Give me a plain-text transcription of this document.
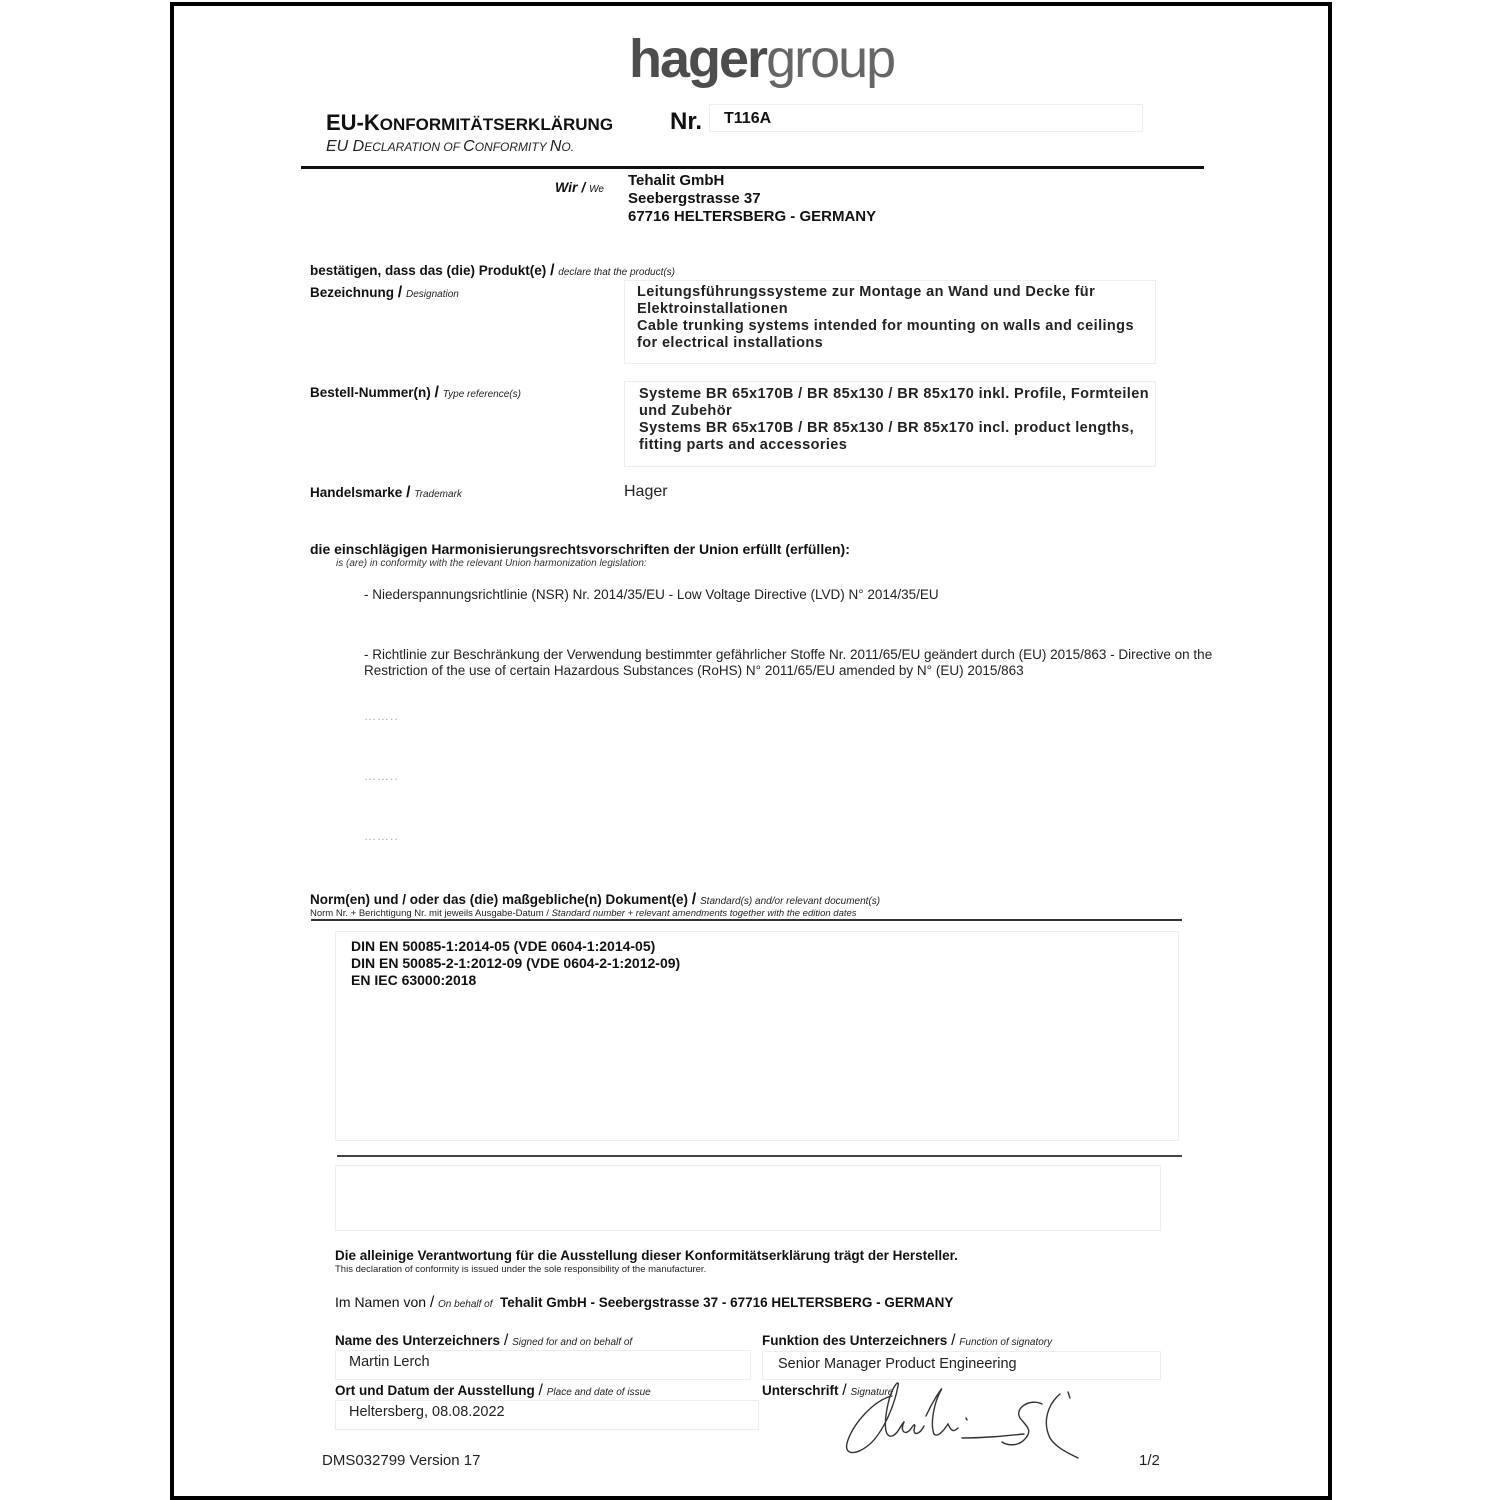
hagergroup
EU-KONFORMITÄTSERKLÄRUNG Nr. T116A
EU DECLARATION OF CONFORMITY NO.
Wir / We
Tehalit GmbH
Seebergstrasse 37
67716 HELTERSBERG - GERMANY
bestätigen, dass das (die) Produkt(e) / declare that the product(s)
Bezeichnung / Designation	Leitungsführungssysteme zur Montage an Wand und Decke für
Elektroinstallationen
Cable trunking systems intended for mounting on walls and ceilings
for electrical installations
Bestell-Nummer(n) / Type reference(s)	Systeme BR 65x170B / BR 85x130 / BR 85x170 inkl. Profile, Formteilen
und Zubehör
Systems BR 65x170B / BR 85x130 / BR 85x170 incl. product lengths,
fitting parts and accessories
Handelsmarke / Trademark	Hager
die einschlägigen Harmonisierungsrechtsvorschriften der Union erfüllt (erfüllen):
is (are) in conformity with the relevant Union harmonization legislation:
- Niederspannungsrichtlinie (NSR) Nr. 2014/35/EU - Low Voltage Directive (LVD) N° 2014/35/EU
- Richtlinie zur Beschränkung der Verwendung bestimmter gefährlicher Stoffe Nr. 2011/65/EU geändert durch (EU) 2015/863 - Directive on the Restriction of the use of certain Hazardous Substances (RoHS) N° 2011/65/EU amended by N° (EU) 2015/863
……..
……..
……..
Norm(en) und / oder das (die) maßgebliche(n) Dokument(e) / Standard(s) and/or relevant document(s)
Norm Nr. + Berichtigung Nr. mit jeweils Ausgabe-Datum / Standard number + relevant amendments together with the edition dates
DIN EN 50085-1:2014-05 (VDE 0604-1:2014-05)
DIN EN 50085-2-1:2012-09 (VDE 0604-2-1:2012-09)
EN IEC 63000:2018
Die alleinige Verantwortung für die Ausstellung dieser Konformitätserklärung trägt der Hersteller.
This declaration of conformity is issued under the sole responsibility of the manufacturer.
Im Namen von / On behalf of Tehalit GmbH - Seebergstrasse 37 - 67716 HELTERSBERG - GERMANY
Name des Unterzeichners / Signed for and on behalf of
Martin Lerch
Funktion des Unterzeichners / Function of signatory
Senior Manager Product Engineering
Ort und Datum der Ausstellung / Place and date of issue
Heltersberg, 08.08.2022
Unterschrift / Signature
DMS032799 Version 17	1/2
